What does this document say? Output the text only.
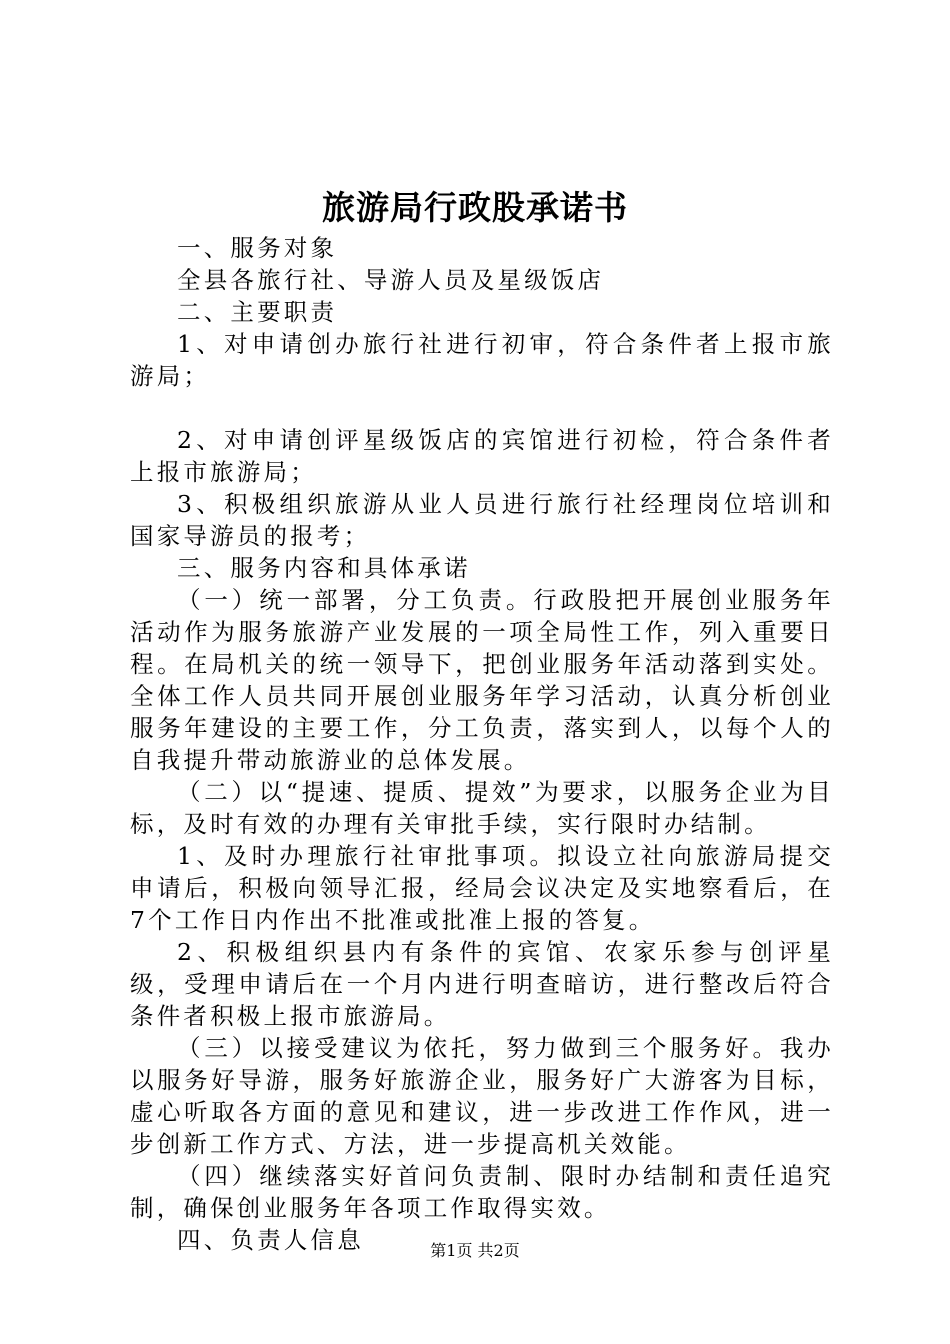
旅游局行政股承诺书

一、服务对象

全县各旅行社、导游人员及星级饭店

二、主要职责

1、对申请创办旅行社进行初审，符合条件者上报市旅游局；

2、对申请创评星级饭店的宾馆进行初检，符合条件者上报市旅游局；

3、积极组织旅游从业人员进行旅行社经理岗位培训和国家导游员的报考；

三、服务内容和具体承诺

（一）统一部署，分工负责。行政股把开展创业服务年活动作为服务旅游产业发展的一项全局性工作，列入重要日程。在局机关的统一领导下，把创业服务年活动落到实处。全体工作人员共同开展创业服务年学习活动，认真分析创业服务年建设的主要工作，分工负责，落实到人，以每个人的自我提升带动旅游业的总体发展。

（二）以“提速、提质、提效”为要求，以服务企业为目标，及时有效的办理有关审批手续，实行限时办结制。

1、及时办理旅行社审批事项。拟设立社向旅游局提交申请后，积极向领导汇报，经局会议决定及实地察看后，在7个工作日内作出不批准或批准上报的答复。

2、积极组织县内有条件的宾馆、农家乐参与创评星级，受理申请后在一个月内进行明查暗访，进行整改后符合条件者积极上报市旅游局。

（三）以接受建议为依托，努力做到三个服务好。我办以服务好导游，服务好旅游企业，服务好广大游客为目标，虚心听取各方面的意见和建议，进一步改进工作作风，进一步创新工作方式、方法，进一步提高机关效能。

（四）继续落实好首问负责制、限时办结制和责任追究制，确保创业服务年各项工作取得实效。

四、负责人信息	第1页 共2页
